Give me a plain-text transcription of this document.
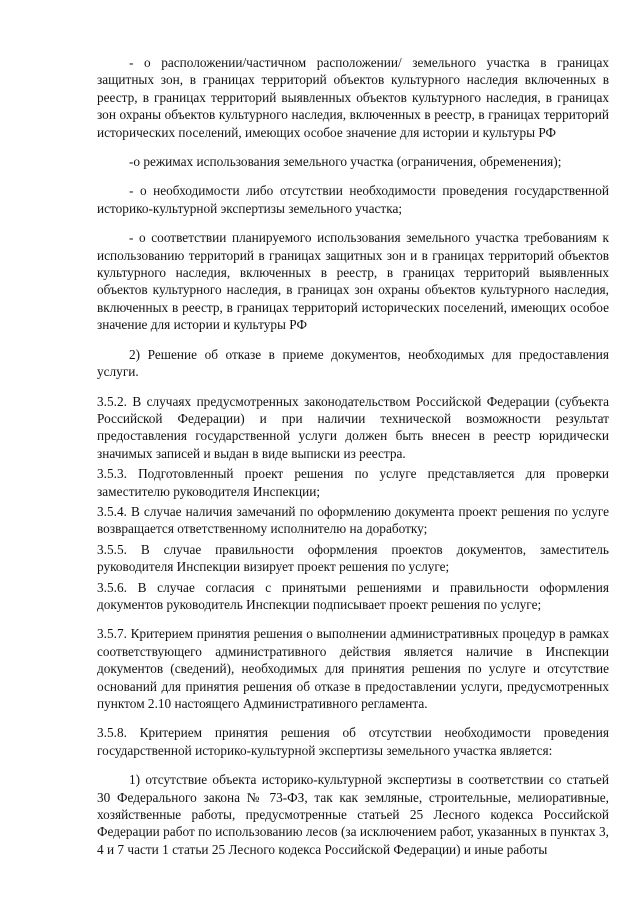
- о расположении/частичном расположении/ земельного участка в границах защитных зон, в границах территорий объектов культурного наследия включенных в реестр, в границах территорий выявленных объектов культурного наследия, в границах зон охраны объектов культурного наследия, включенных в реестр, в границах территорий исторических поселений, имеющих особое значение для истории и культуры РФ

-о режимах использования земельного участка (ограничения, обременения);

- о необходимости либо отсутствии необходимости проведения государственной историко-культурной экспертизы земельного участка;

- о соответствии планируемого использования земельного участка требованиям к использованию территорий в границах защитных зон и в границах территорий объектов культурного наследия, включенных в реестр, в границах территорий выявленных объектов культурного наследия, в границах зон охраны объектов культурного наследия, включенных в реестр, в границах территорий исторических поселений, имеющих особое значение для истории и культуры РФ

2) Решение об отказе в приеме документов, необходимых для предоставления услуги.

3.5.2. В случаях предусмотренных законодательством Российской Федерации (субъекта Российской Федерации) и при наличии технической возможности результат предоставления государственной услуги должен быть внесен в реестр юридически значимых записей и выдан в виде выписки из реестра.

3.5.3. Подготовленный проект решения по услуге представляется для проверки заместителю руководителя Инспекции;

3.5.4. В случае наличия замечаний по оформлению документа проект решения по услуге возвращается ответственному исполнителю на доработку;

3.5.5. В случае правильности оформления проектов документов, заместитель руководителя Инспекции визирует проект решения по услуге;

3.5.6. В случае согласия с принятыми решениями и правильности оформления документов руководитель Инспекции подписывает проект решения по услуге;

3.5.7. Критерием принятия решения о выполнении административных процедур в рамках соответствующего административного действия является наличие в Инспекции документов (сведений), необходимых для принятия решения по услуге и отсутствие оснований для принятия решения об отказе в предоставлении услуги, предусмотренных пунктом 2.10 настоящего Административного регламента.

3.5.8. Критерием принятия решения об отсутствии необходимости проведения государственной историко-культурной экспертизы земельного участка является:

1) отсутствие объекта историко-культурной экспертизы в соответствии со статьей 30 Федерального закона № 73-ФЗ, так как земляные, строительные, мелиоративные, хозяйственные работы, предусмотренные статьей 25 Лесного кодекса Российской Федерации работ по использованию лесов (за исключением работ, указанных в пунктах 3, 4 и 7 части 1 статьи 25 Лесного кодекса Российской Федерации) и иные работы
